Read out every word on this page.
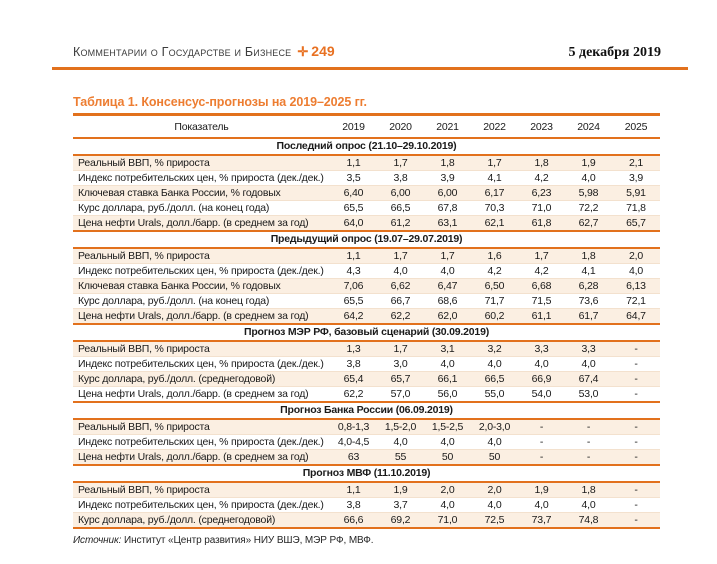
Комментарии о Государстве и Бизнесе ✛ 249	5 декабря 2019
Таблица 1. Консенсус-прогнозы на 2019–2025 гг.
Показатель	2019	2020	2021	2022	2023	2024	2025
Последний опрос (21.10–29.10.2019)							
Реальный ВВП, % прироста	1,1	1,7	1,8	1,7	1,8	1,9	2,1
Индекс потребительских цен, % прироста (дек./дек.)	3,5	3,8	3,9	4,1	4,2	4,0	3,9
Ключевая ставка Банка России, % годовых	6,40	6,00	6,00	6,17	6,23	5,98	5,91
Курс доллара, руб./долл. (на конец года)	65,5	66,5	67,8	70,3	71,0	72,2	71,8
Цена нефти Urals, долл./барр. (в среднем за год)	64,0	61,2	63,1	62,1	61,8	62,7	65,7
Предыдущий опрос (19.07–29.07.2019)							
Реальный ВВП, % прироста	1,1	1,7	1,7	1,6	1,7	1,8	2,0
Индекс потребительских цен, % прироста (дек./дек.)	4,3	4,0	4,0	4,2	4,2	4,1	4,0
Ключевая ставка Банка России, % годовых	7,06	6,62	6,47	6,50	6,68	6,28	6,13
Курс доллара, руб./долл. (на конец года)	65,5	66,7	68,6	71,7	71,5	73,6	72,1
Цена нефти Urals, долл./барр. (в среднем за год)	64,2	62,2	62,0	60,2	61,1	61,7	64,7
Прогноз МЭР РФ, базовый сценарий (30.09.2019)							
Реальный ВВП, % прироста	1,3	1,7	3,1	3,2	3,3	3,3	-
Индекс потребительских цен, % прироста (дек./дек.)	3,8	3,0	4,0	4,0	4,0	4,0	-
Курс доллара, руб./долл. (среднегодовой)	65,4	65,7	66,1	66,5	66,9	67,4	-
Цена нефти Urals, долл./барр. (в среднем за год)	62,2	57,0	56,0	55,0	54,0	53,0	-
Прогноз Банка России (06.09.2019)							
Реальный ВВП, % прироста	0,8-1,3	1,5-2,0	1,5-2,5	2,0-3,0	-	-	-
Индекс потребительских цен, % прироста (дек./дек.)	4,0-4,5	4,0	4,0	4,0	-	-	-
Цена нефти Urals, долл./барр. (в среднем за год)	63	55	50	50	-	-	-
Прогноз МВФ (11.10.2019)							
Реальный ВВП, % прироста	1,1	1,9	2,0	2,0	1,9	1,8	-
Индекс потребительских цен, % прироста (дек./дек.)	3,8	3,7	4,0	4,0	4,0	4,0	-
Курс доллара, руб./долл. (среднегодовой)	66,6	69,2	71,0	72,5	73,7	74,8	-
Источник: Институт «Центр развития» НИУ ВШЭ, МЭР РФ, МВФ.
